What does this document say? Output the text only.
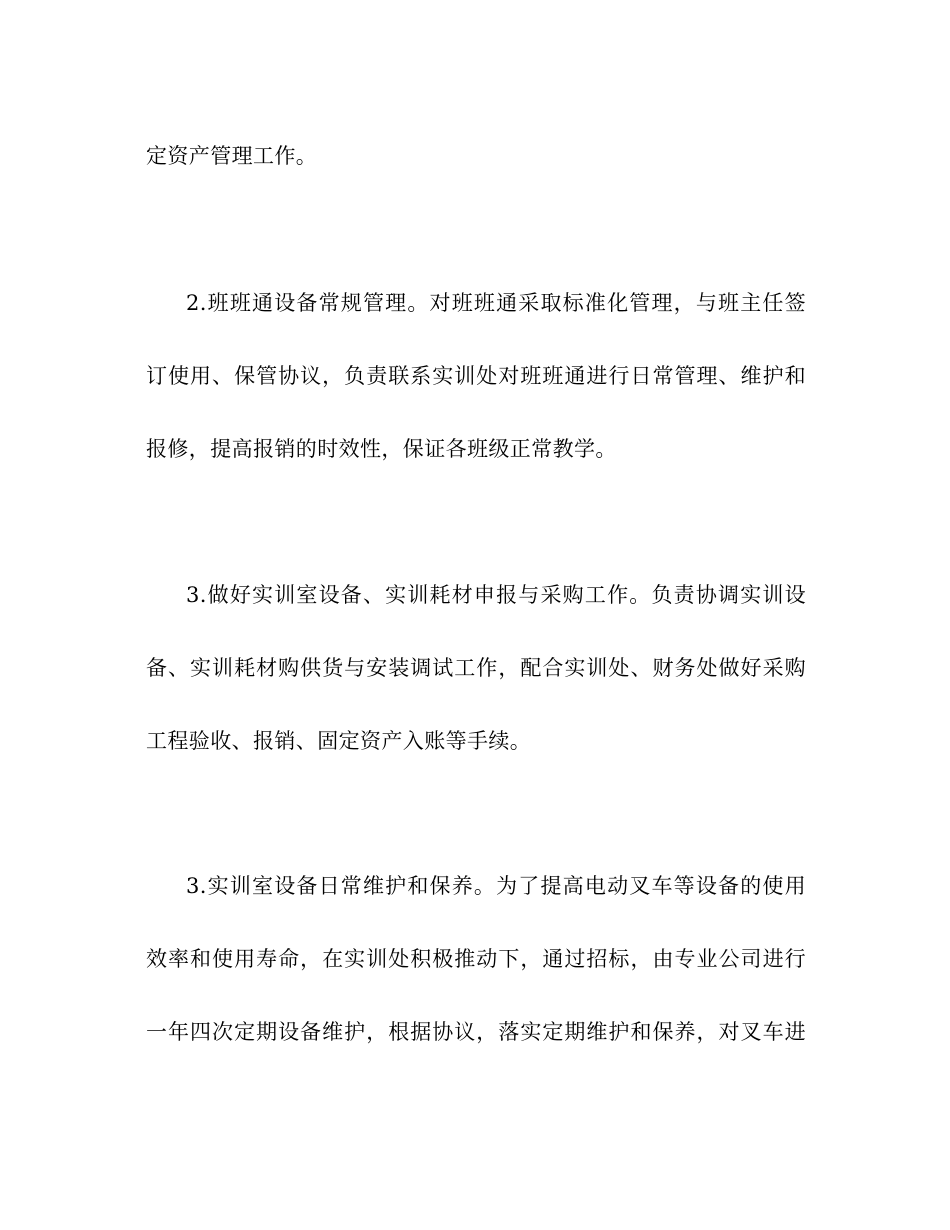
定资产管理工作。
2.班班通设备常规管理。对班班通采取标准化管理，与班主任签
订使用、保管协议，负责联系实训处对班班通进行日常管理、维护和
报修，提高报销的时效性，保证各班级正常教学。
3.做好实训室设备、实训耗材申报与采购工作。负责协调实训设
备、实训耗材购供货与安装调试工作，配合实训处、财务处做好采购
工程验收、报销、固定资产入账等手续。
3.实训室设备日常维护和保养。为了提高电动叉车等设备的使用
效率和使用寿命，在实训处积极推动下，通过招标，由专业公司进行
一年四次定期设备维护，根据协议，落实定期维护和保养，对叉车进
